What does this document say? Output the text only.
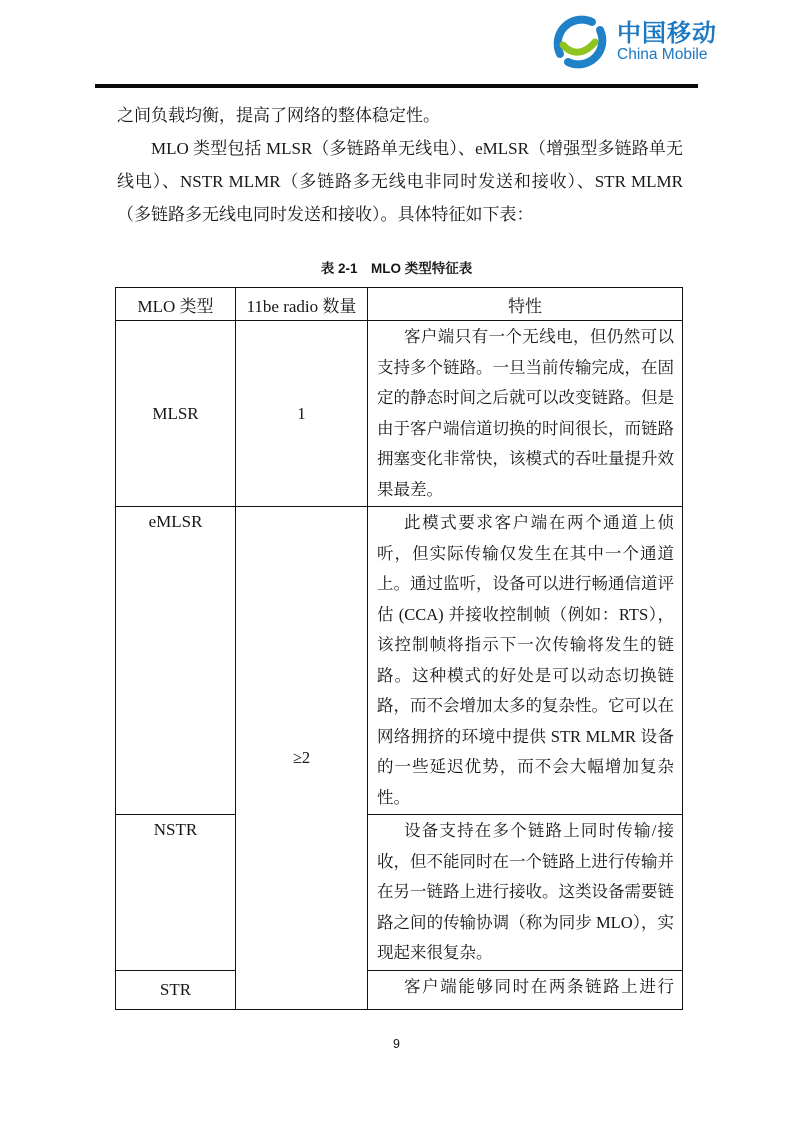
中国移动
China Mobile

之间负载均衡，提高了网络的整体稳定性。

MLO 类型包括 MLSR（多链路单无线电）、eMLSR（增强型多链路单无线电）、NSTR MLMR（多链路多无线电非同时发送和接收）、STR MLMR（多链路多无线电同时发送和接收）。具体特征如下表：

表 2-1　MLO 类型特征表
MLO 类型	11be radio 数量	特性
MLSR	1	客户端只有一个无线电，但仍然可以支持多个链路。一旦当前传输完成，在固定的静态时间之后就可以改变链路。但是由于客户端信道切换的时间很长，而链路拥塞变化非常快，该模式的吞吐量提升效果最差。

eMLSR	≥2	此模式要求客户端在两个通道上侦听，但实际传输仅发生在其中一个通道上。通过监听，设备可以进行畅通信道评估 (CCA) 并接收控制帧（例如：RTS），该控制帧将指示下一次传输将发生的链路。这种模式的好处是可以动态切换链路，而不会增加太多的复杂性。它可以在网络拥挤的环境中提供 STR MLMR 设备的一些延迟优势，而不会大幅增加复杂性。

NSTR		设备支持在多个链路上同时传输/接收，但不能同时在一个链路上进行传输并在另一链路上进行接收。这类设备需要链路之间的传输协调（称为同步 MLO），实现起来很复杂。

STR		客户端能够同时在两条链路上进行

9
